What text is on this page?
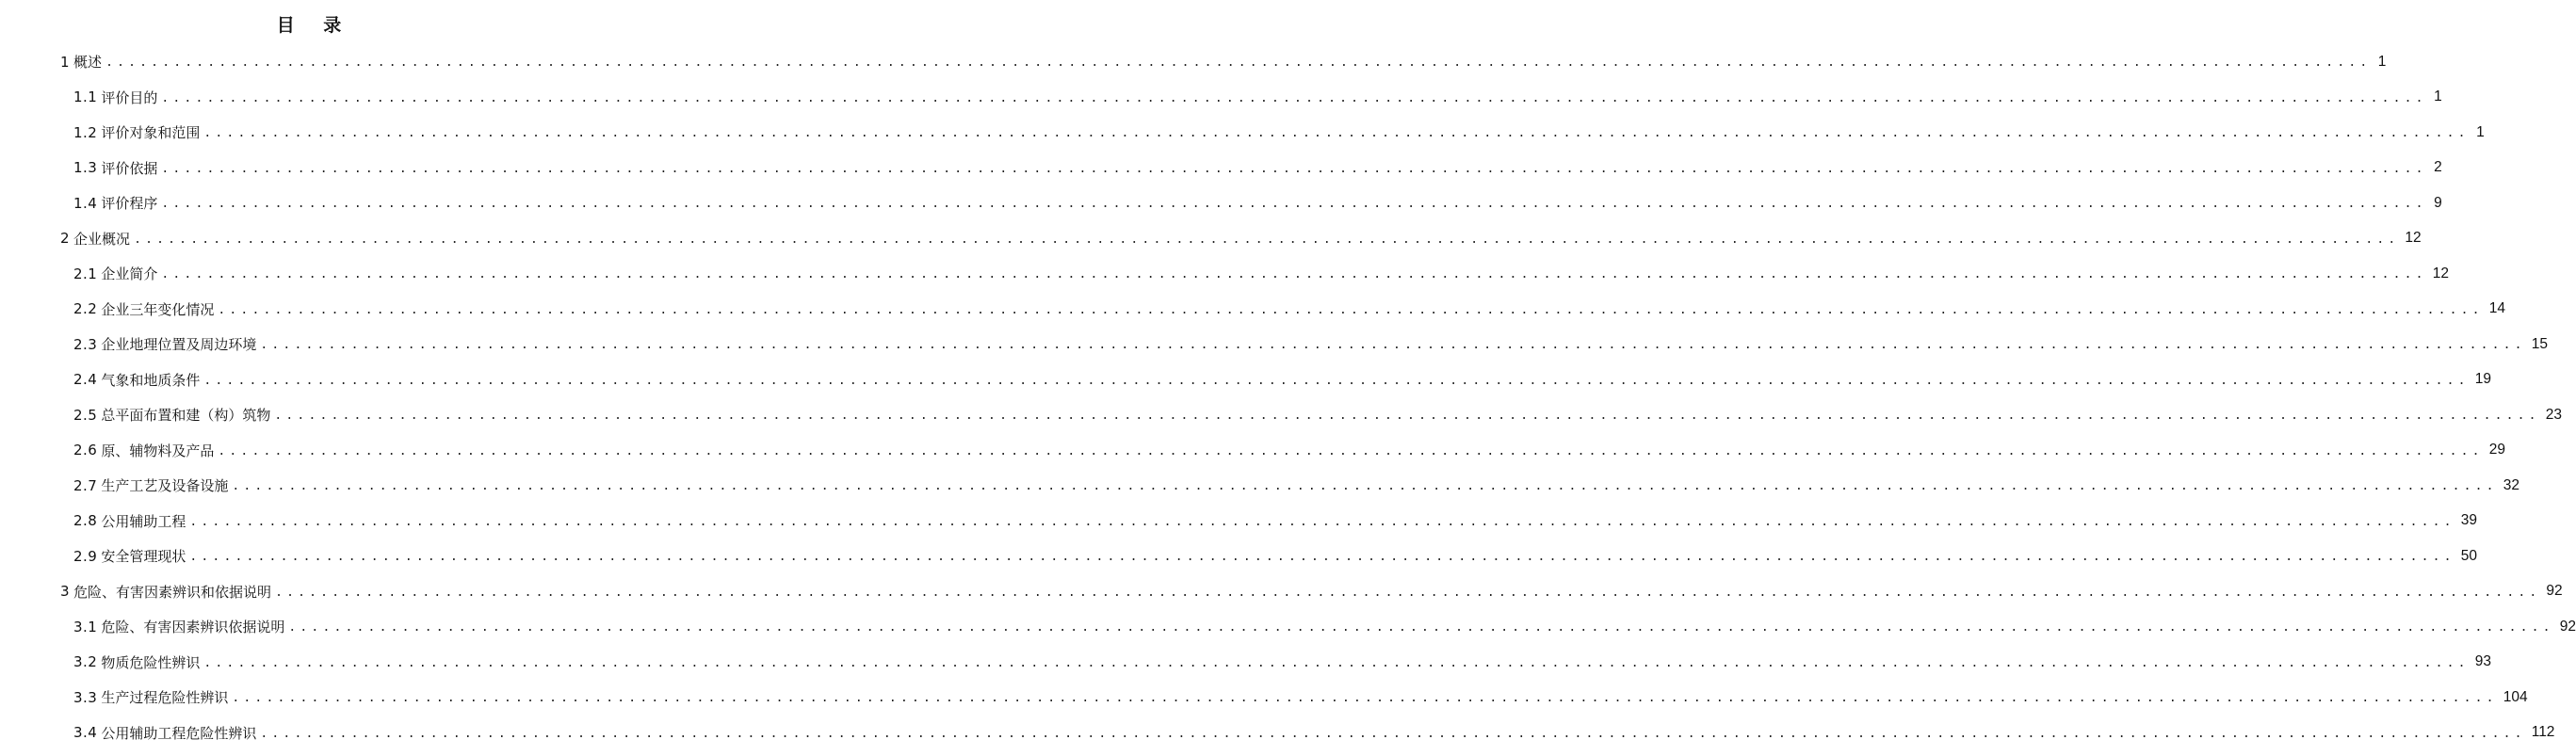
目 录
1 概述 ........................................................................................................................................................................................................ 1
1.1 评价目的 ........................................................................................................................................................................................................ 1
1.2 评价对象和范围 ........................................................................................................................................................................................................ 1
1.3 评价依据 ........................................................................................................................................................................................................ 2
1.4 评价程序 ........................................................................................................................................................................................................ 9
2 企业概况 ........................................................................................................................................................................................................ 12
2.1 企业简介 ........................................................................................................................................................................................................ 12
2.2 企业三年变化情况 ........................................................................................................................................................................................................ 14
2.3 企业地理位置及周边环境 ........................................................................................................................................................................................................ 15
2.4 气象和地质条件 ........................................................................................................................................................................................................ 19
2.5 总平面布置和建（构）筑物 ........................................................................................................................................................................................................ 23
2.6 原、辅物料及产品 ........................................................................................................................................................................................................ 29
2.7 生产工艺及设备设施 ........................................................................................................................................................................................................ 32
2.8 公用辅助工程 ........................................................................................................................................................................................................ 39
2.9 安全管理现状 ........................................................................................................................................................................................................ 50
3 危险、有害因素辨识和依据说明 ........................................................................................................................................................................................................ 92
3.1 危险、有害因素辨识依据说明 ........................................................................................................................................................................................................ 92
3.2 物质危险性辨识 ........................................................................................................................................................................................................ 93
3.3 生产过程危险性辨识 ........................................................................................................................................................................................................ 104
3.4 公用辅助工程危险性辨识 ........................................................................................................................................................................................................ 112
